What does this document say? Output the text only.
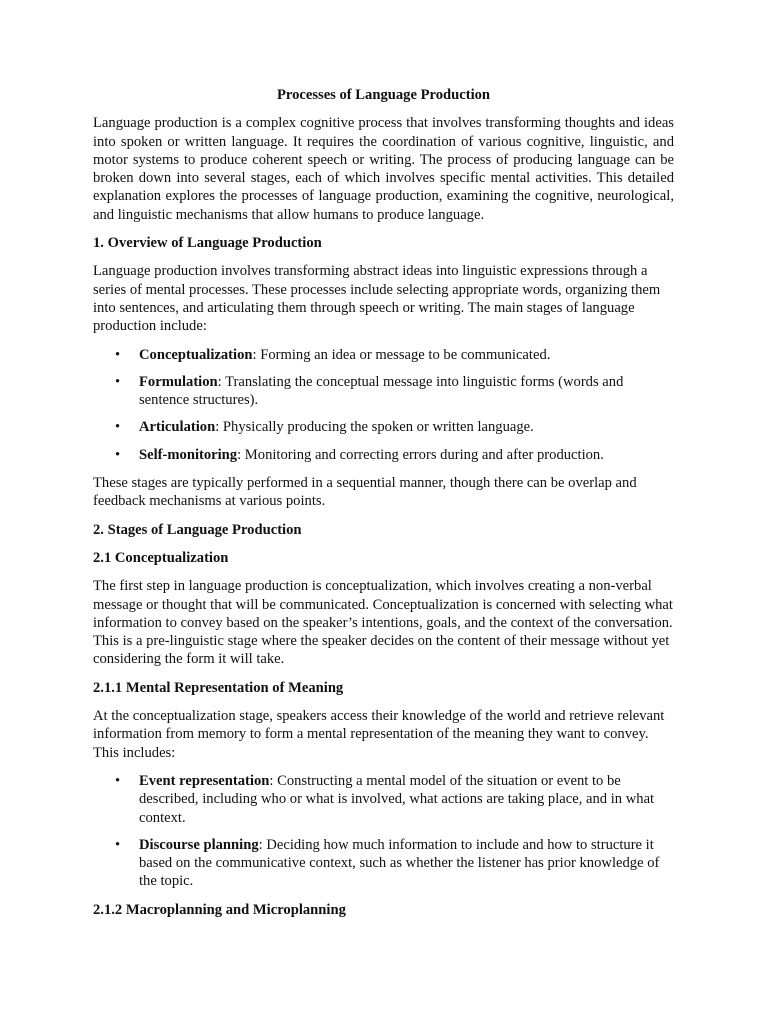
Processes of Language Production

Language production is a complex cognitive process that involves transforming thoughts and ideas into spoken or written language. It requires the coordination of various cognitive, linguistic, and motor systems to produce coherent speech or writing. The process of producing language can be broken down into several stages, each of which involves specific mental activities. This detailed explanation explores the processes of language production, examining the cognitive, neurological, and linguistic mechanisms that allow humans to produce language.

1. Overview of Language Production

Language production involves transforming abstract ideas into linguistic expressions through a series of mental processes. These processes include selecting appropriate words, organizing them into sentences, and articulating them through speech or writing. The main stages of language production include:

• Conceptualization: Forming an idea or message to be communicated.
• Formulation: Translating the conceptual message into linguistic forms (words and sentence structures).
• Articulation: Physically producing the spoken or written language.
• Self-monitoring: Monitoring and correcting errors during and after production.

These stages are typically performed in a sequential manner, though there can be overlap and feedback mechanisms at various points.

2. Stages of Language Production
2.1 Conceptualization

The first step in language production is conceptualization, which involves creating a non-verbal message or thought that will be communicated. Conceptualization is concerned with selecting what information to convey based on the speaker’s intentions, goals, and the context of the conversation. This is a pre-linguistic stage where the speaker decides on the content of their message without yet considering the form it will take.

2.1.1 Mental Representation of Meaning

At the conceptualization stage, speakers access their knowledge of the world and retrieve relevant information from memory to form a mental representation of the meaning they want to convey. This includes:

• Event representation: Constructing a mental model of the situation or event to be described, including who or what is involved, what actions are taking place, and in what context.
• Discourse planning: Deciding how much information to include and how to structure it based on the communicative context, such as whether the listener has prior knowledge of the topic.
2.1.2 Macroplanning and Microplanning
